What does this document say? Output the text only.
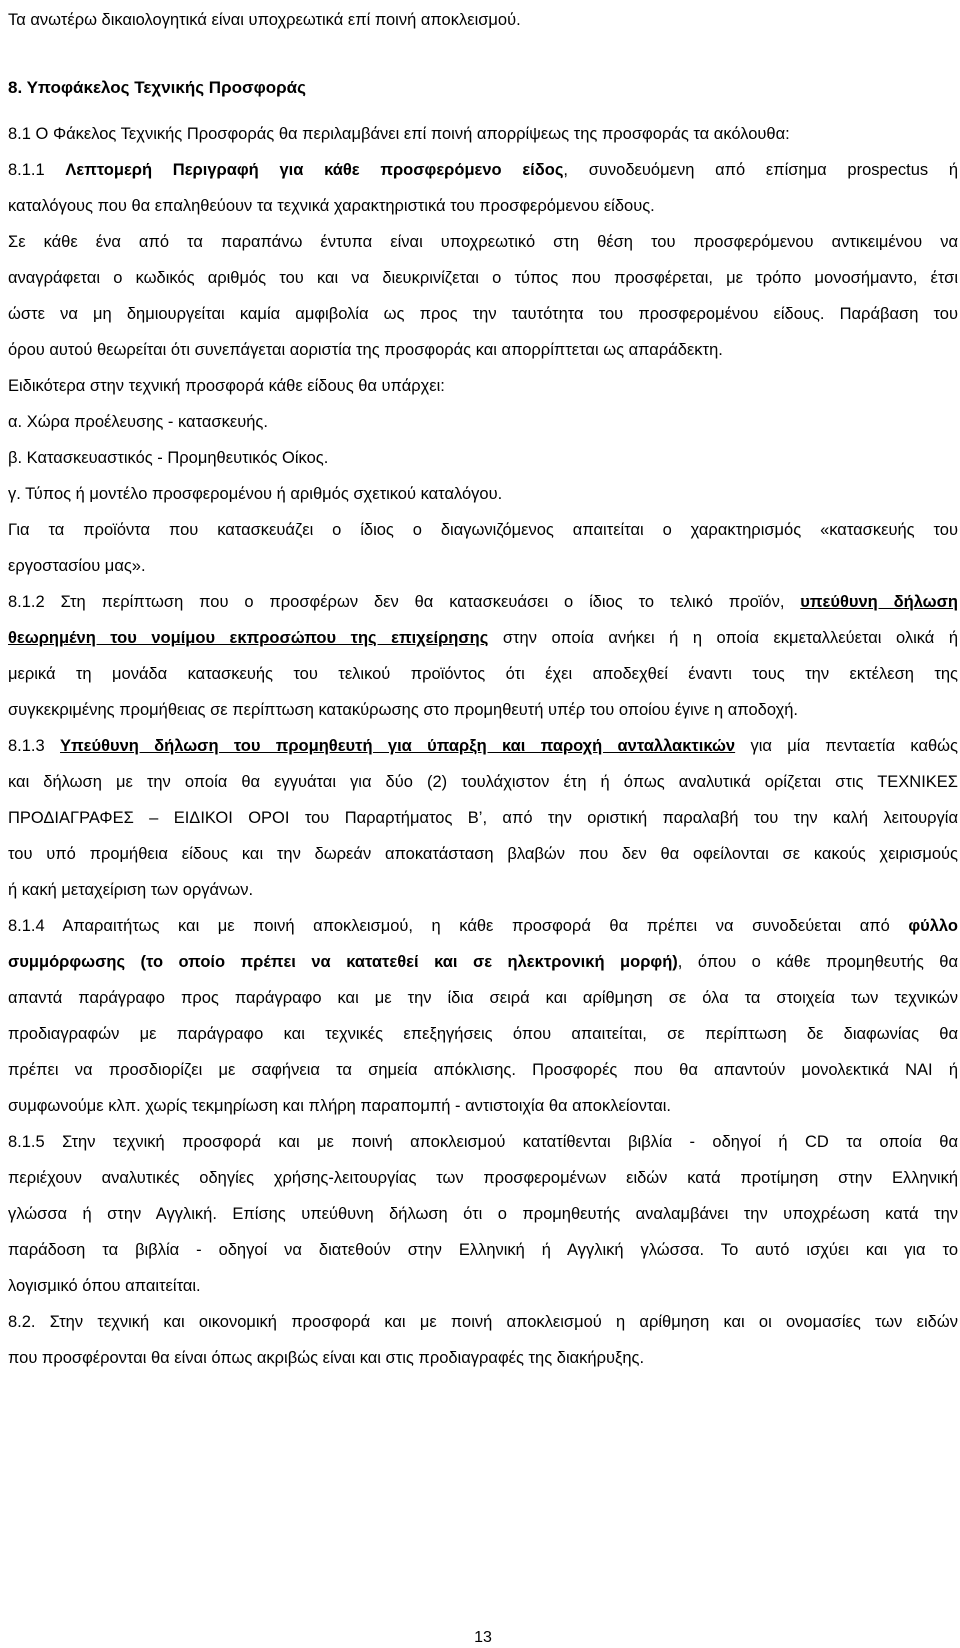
Τα ανωτέρω δικαιολογητικά είναι υποχρεωτικά επί ποινή αποκλεισμού.
8. Υποφάκελος Τεχνικής Προσφοράς
8.1 Ο Φάκελος Τεχνικής Προσφοράς θα περιλαμβάνει επί ποινή απορρίψεως της προσφοράς τα ακόλουθα:
8.1.1 Λεπτομερή Περιγραφή για κάθε προσφερόμενο είδος, συνοδευόμενη από επίσημα prospectus ή
καταλόγους που θα επαληθεύουν τα τεχνικά χαρακτηριστικά του προσφερόμενου είδους.
Σε κάθε ένα από τα παραπάνω έντυπα είναι υποχρεωτικό στη θέση του προσφερόμενου αντικειμένου να
αναγράφεται ο κωδικός αριθμός του και να διευκρινίζεται ο τύπος που προσφέρεται, με τρόπο μονοσήμαντο, έτσι
ώστε να μη δημιουργείται καμία αμφιβολία ως προς την ταυτότητα του προσφερομένου είδους. Παράβαση του
όρου αυτού θεωρείται ότι συνεπάγεται αοριστία της προσφοράς και απορρίπτεται ως απαράδεκτη.
Ειδικότερα στην τεχνική προσφορά κάθε είδους θα υπάρχει:
α. Χώρα προέλευσης - κατασκευής.
β. Κατασκευαστικός - Προμηθευτικός Οίκος.
γ. Τύπος ή μοντέλο προσφερομένου ή αριθμός σχετικού καταλόγου.
Για τα προϊόντα που κατασκευάζει ο ίδιος ο διαγωνιζόμενος απαιτείται ο χαρακτηρισμός «κατασκευής του
εργοστασίου μας».
8.1.2 Στη περίπτωση που ο προσφέρων δεν θα κατασκευάσει ο ίδιος το τελικό προϊόν, υπεύθυνη δήλωση
θεωρημένη του νομίμου εκπροσώπου της επιχείρησης στην οποία ανήκει ή η οποία εκμεταλλεύεται ολικά ή
μερικά τη μονάδα κατασκευής του τελικού προϊόντος ότι έχει αποδεχθεί έναντι τους την εκτέλεση της
συγκεκριμένης προμήθειας σε περίπτωση κατακύρωσης στο προμηθευτή υπέρ του οποίου έγινε η αποδοχή.
8.1.3 Υπεύθυνη δήλωση του προμηθευτή για ύπαρξη και παροχή ανταλλακτικών για μία πενταετία καθώς
και δήλωση με την οποία θα εγγυάται για δύο (2) τουλάχιστον έτη ή όπως αναλυτικά ορίζεται στις ΤΕΧΝΙΚΕΣ
ΠΡΟΔΙΑΓΡΑΦΕΣ – ΕΙΔΙΚΟΙ ΟΡΟΙ του Παραρτήματος Β’, από την οριστική παραλαβή του την καλή λειτουργία
του υπό προμήθεια είδους και την δωρεάν αποκατάσταση βλαβών που δεν θα οφείλονται σε κακούς χειρισμούς
ή κακή μεταχείριση των οργάνων.
8.1.4 Απαραιτήτως και με ποινή αποκλεισμού, η κάθε προσφορά θα πρέπει να συνοδεύεται από φύλλο
συμμόρφωσης (το οποίο πρέπει να κατατεθεί και σε ηλεκτρονική μορφή), όπου ο κάθε προμηθευτής θα
απαντά παράγραφο προς παράγραφο και με την ίδια σειρά και αρίθμηση σε όλα τα στοιχεία των τεχνικών
προδιαγραφών με παράγραφο και τεχνικές επεξηγήσεις όπου απαιτείται, σε περίπτωση δε διαφωνίας θα
πρέπει να προσδιορίζει με σαφήνεια τα σημεία απόκλισης. Προσφορές που θα απαντούν μονολεκτικά ΝΑΙ ή
συμφωνούμε κλπ. χωρίς τεκμηρίωση και πλήρη παραπομπή - αντιστοιχία θα αποκλείονται.
8.1.5 Στην τεχνική προσφορά και με ποινή αποκλεισμού κατατίθενται βιβλία - οδηγοί ή CD τα οποία θα
περιέχουν αναλυτικές οδηγίες χρήσης-λειτουργίας των προσφερομένων ειδών κατά προτίμηση στην Ελληνική
γλώσσα ή στην Αγγλική. Επίσης υπεύθυνη δήλωση ότι ο προμηθευτής αναλαμβάνει την υποχρέωση κατά την
παράδοση τα βιβλία - οδηγοί να διατεθούν στην Ελληνική ή Αγγλική γλώσσα. Το αυτό ισχύει και για το
λογισμικό όπου απαιτείται.
8.2. Στην τεχνική και οικονομική προσφορά και με ποινή αποκλεισμού η αρίθμηση και οι ονομασίες των ειδών
που προσφέρονται θα είναι όπως ακριβώς είναι και στις προδιαγραφές της διακήρυξης.
13
